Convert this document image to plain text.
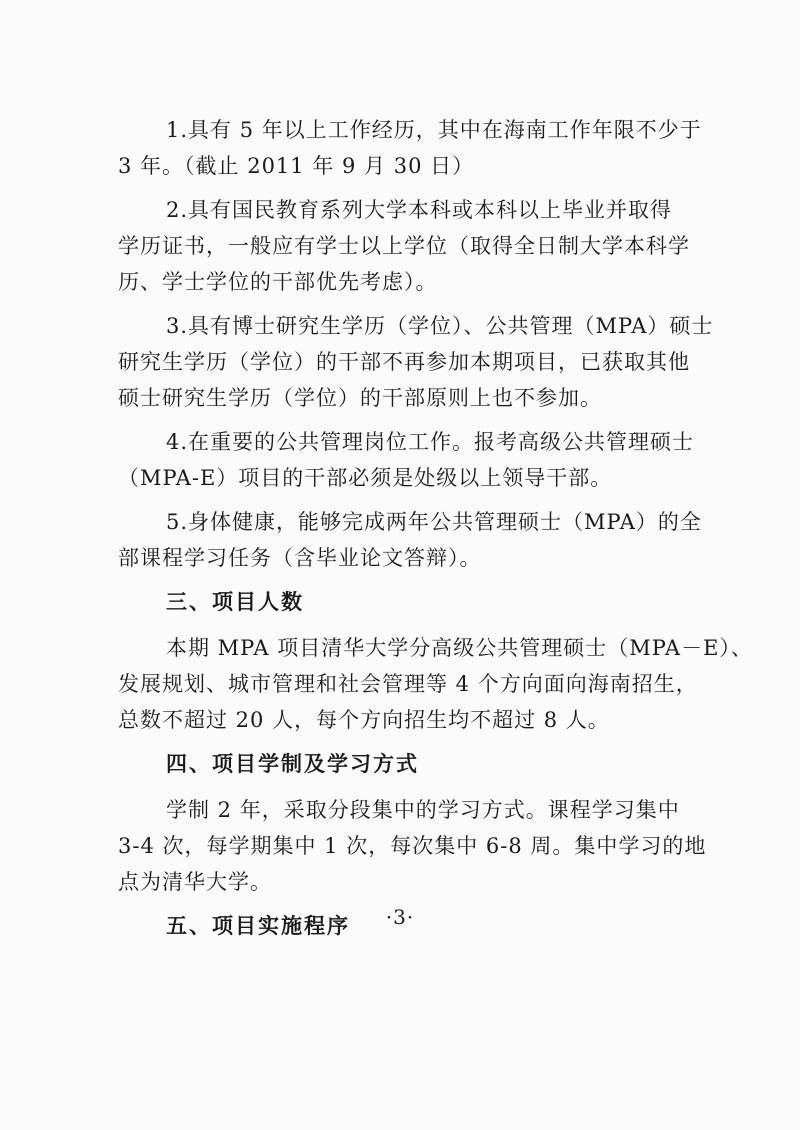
1.具有 5 年以上工作经历，其中在海南工作年限不少于
3 年。（截止 2011 年 9 月 30 日）

2.具有国民教育系列大学本科或本科以上毕业并取得
学历证书，一般应有学士以上学位（取得全日制大学本科学
历、学士学位的干部优先考虑）。

3.具有博士研究生学历（学位）、公共管理（MPA）硕士
研究生学历（学位）的干部不再参加本期项目，已获取其他
硕士研究生学历（学位）的干部原则上也不参加。

4.在重要的公共管理岗位工作。报考高级公共管理硕士
（MPA-E）项目的干部必须是处级以上领导干部。

5.身体健康，能够完成两年公共管理硕士（MPA）的全
部课程学习任务（含毕业论文答辩）。

三、项目人数

本期 MPA 项目清华大学分高级公共管理硕士（MPA－E）、
发展规划、城市管理和社会管理等 4 个方向面向海南招生，
总数不超过 20 人，每个方向招生均不超过 8 人。

四、项目学制及学习方式

学制 2 年，采取分段集中的学习方式。课程学习集中
3-4 次，每学期集中 1 次，每次集中 6-8 周。集中学习的地
点为清华大学。

五、项目实施程序	·3·
